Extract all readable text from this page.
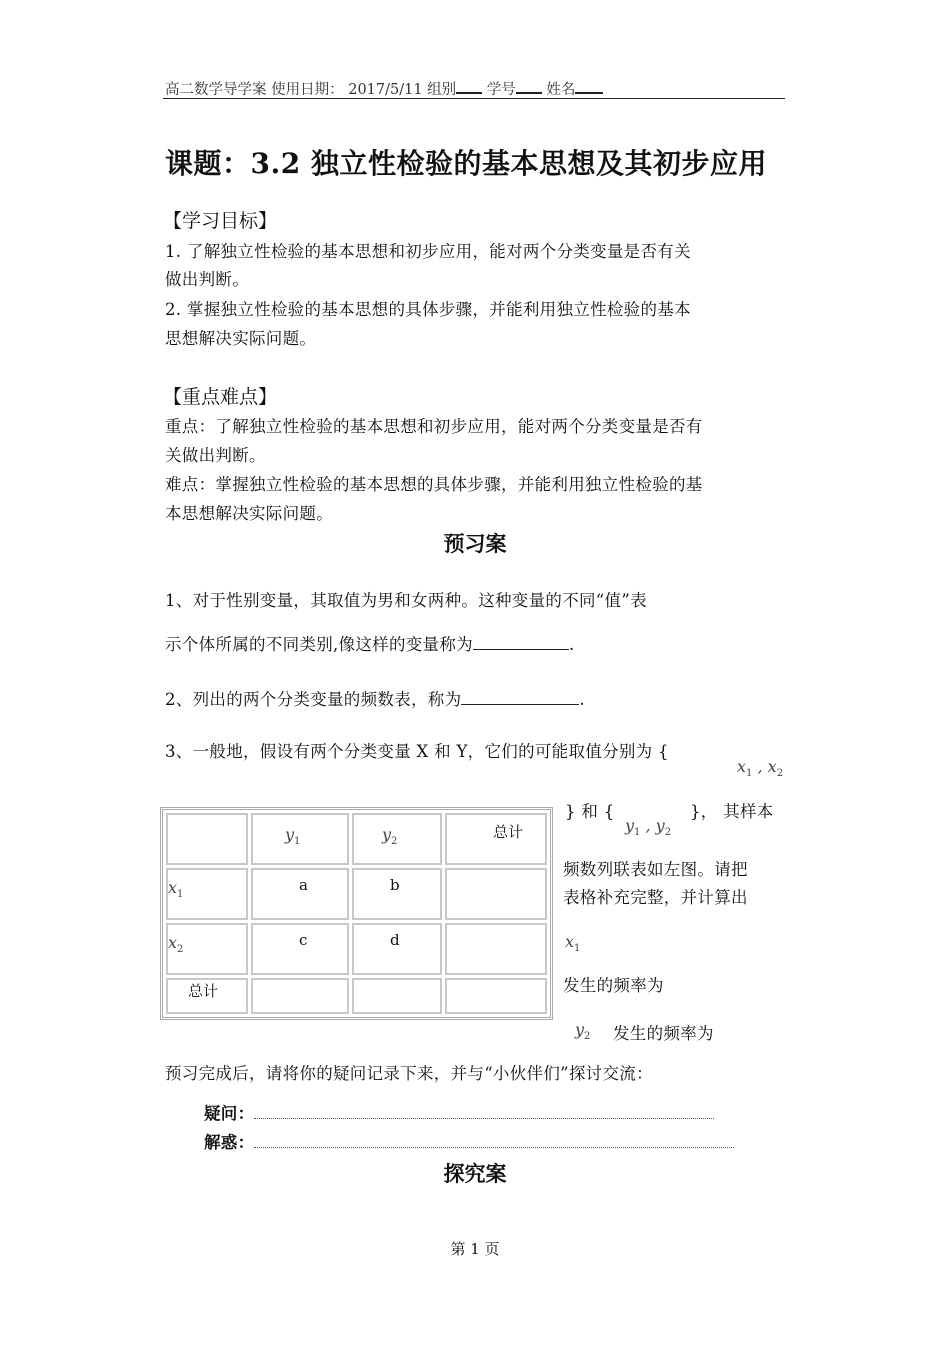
高二数学导学案 使用日期： 2017/5/11 组别 学号 姓名
课题：3.2 独立性检验的基本思想及其初步应用
【学习目标】
1. 了解独立性检验的基本思想和初步应用，能对两个分类变量是否有关
做出判断。
2. 掌握独立性检验的基本思想的具体步骤，并能利用独立性检验的基本
思想解决实际问题。
【重点难点】
重点：了解独立性检验的基本思想和初步应用，能对两个分类变量是否有
关做出判断。
难点：掌握独立性检验的基本思想的具体步骤，并能利用独立性检验的基
本思想解决实际问题。
预习案
1、对于性别变量，其取值为男和女两种。这种变量的不同“值”表
示个体所属的不同类别,像这样的变量称为	.
2、列出的两个分类变量的频数表，称为	.
3、一般地，假设有两个分类变量 X 和 Y，它们的可能取值分别为 {
$x_1$ , $x_2$
} 和 {
$y_1$ , $y_2$
}， 其样本
频数列联表如左图。请把
表格补充完整，并计算出
$x_1$
发生的频率为
$y_2$ 发生的频率为
	$y_1$	$y_2$	总计
$x_1$	a	b	
$x_2$	c	d	
总计			
预习完成后，请将你的疑问记录下来，并与“小伙伴们”探讨交流：
疑问：
解惑：
探究案
第 1 页
